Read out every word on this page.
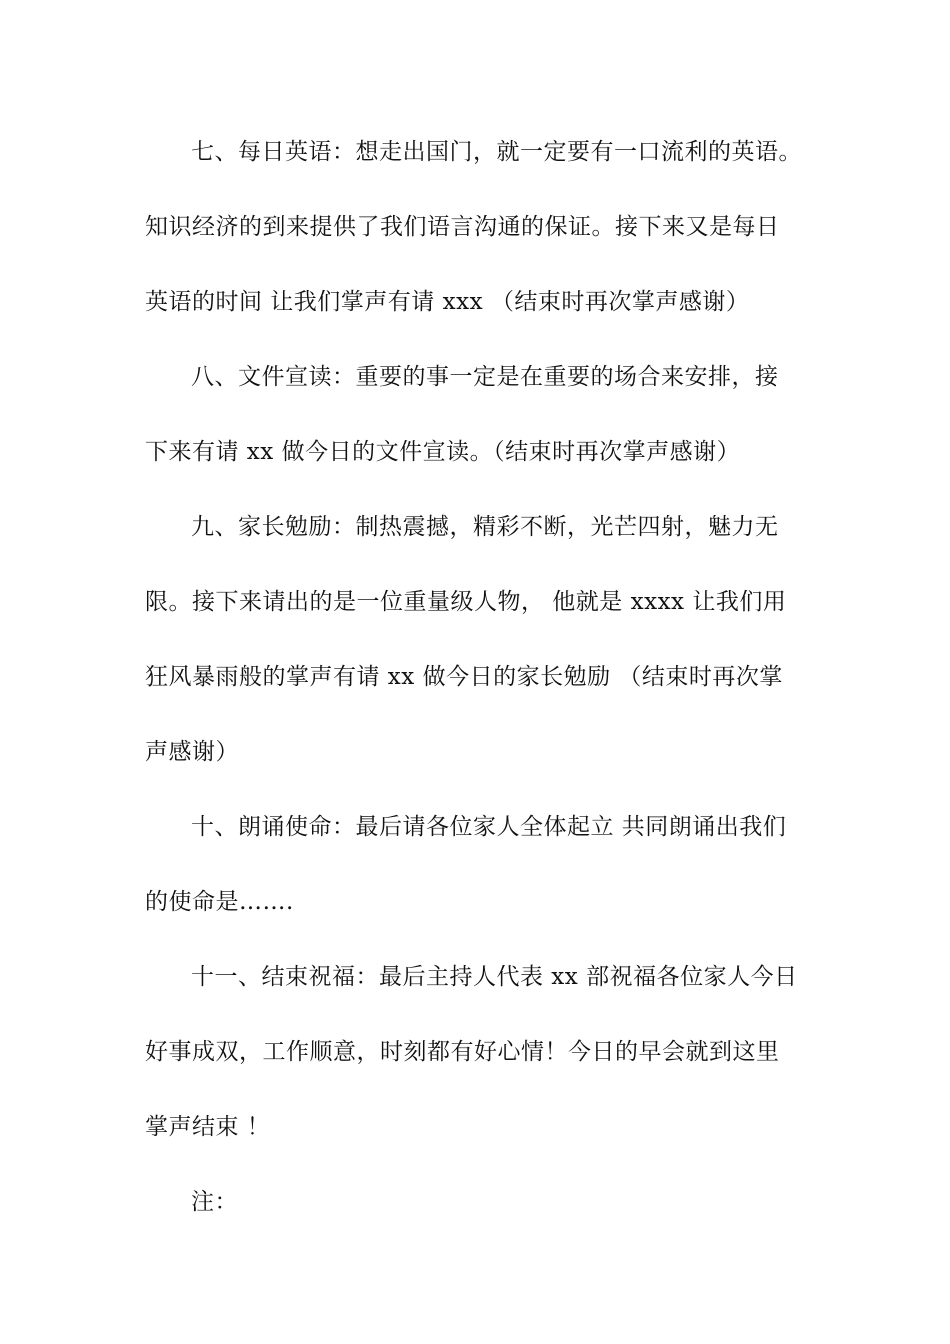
七、每日英语：想走出国门，就一定要有一口流利的英语。
知识经济的到来提供了我们语言沟通的保证。接下来又是每日
英语的时间 让我们掌声有请 xxx （结束时再次掌声感谢）
八、文件宣读：重要的事一定是在重要的场合来安排，接
下来有请 xx 做今日的文件宣读。（结束时再次掌声感谢）
九、家长勉励：制热震撼，精彩不断，光芒四射，魅力无
限。接下来请出的是一位重量级人物， 他就是 xxxx 让我们用
狂风暴雨般的掌声有请 xx 做今日的家长勉励 （结束时再次掌
声感谢）
十、朗诵使命：最后请各位家人全体起立 共同朗诵出我们
的使命是…….
十一、结束祝福：最后主持人代表 xx 部祝福各位家人今日
好事成双，工作顺意，时刻都有好心情！今日的早会就到这里
掌声结束 ！
注：
